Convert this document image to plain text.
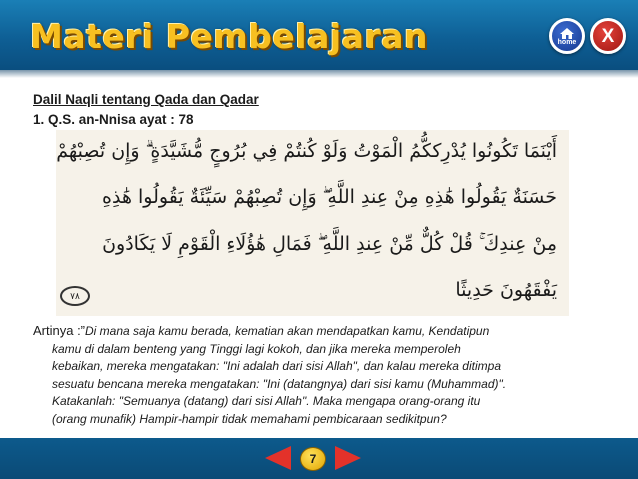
Materi Pembelajaran	home X

Dalil Naqli tentang Qada dan Qadar

1. Q.S. an-Nnisa ayat : 78

أَيْنَمَا تَكُونُوا يُدْرِككُّمُ الْمَوْتُ وَلَوْ كُنتُمْ فِي بُرُوجٍ مُّشَيَّدَةٍ ۗ وَإِن تُصِبْهُمْ
حَسَنَةٌ يَقُولُوا هَٰذِهِ مِنْ عِندِ اللَّهِ ۖ وَإِن تُصِبْهُمْ سَيِّئَةٌ يَقُولُوا هَٰذِهِ
مِنْ عِندِكَ ۚ قُلْ كُلٌّ مِّنْ عِندِ اللَّهِ ۖ فَمَالِ هَٰؤُلَاءِ الْقَوْمِ لَا يَكَادُونَ
يَفْقَهُونَ حَدِيثًا
٧٨
Artinya :”Di mana saja kamu berada, kematian akan mendapatkan kamu, Kendatipun
kamu di dalam benteng yang Tinggi lagi kokoh, dan jika mereka memperoleh
kebaikan, mereka mengatakan: "Ini adalah dari sisi Allah", dan kalau mereka ditimpa
sesuatu bencana mereka mengatakan: "Ini (datangnya) dari sisi kamu (Muhammad)".
Katakanlah: "Semuanya (datang) dari sisi Allah". Maka mengapa orang-orang itu
(orang munafik) Hampir-hampir tidak memahami pembicaraan sedikitpun?
7
